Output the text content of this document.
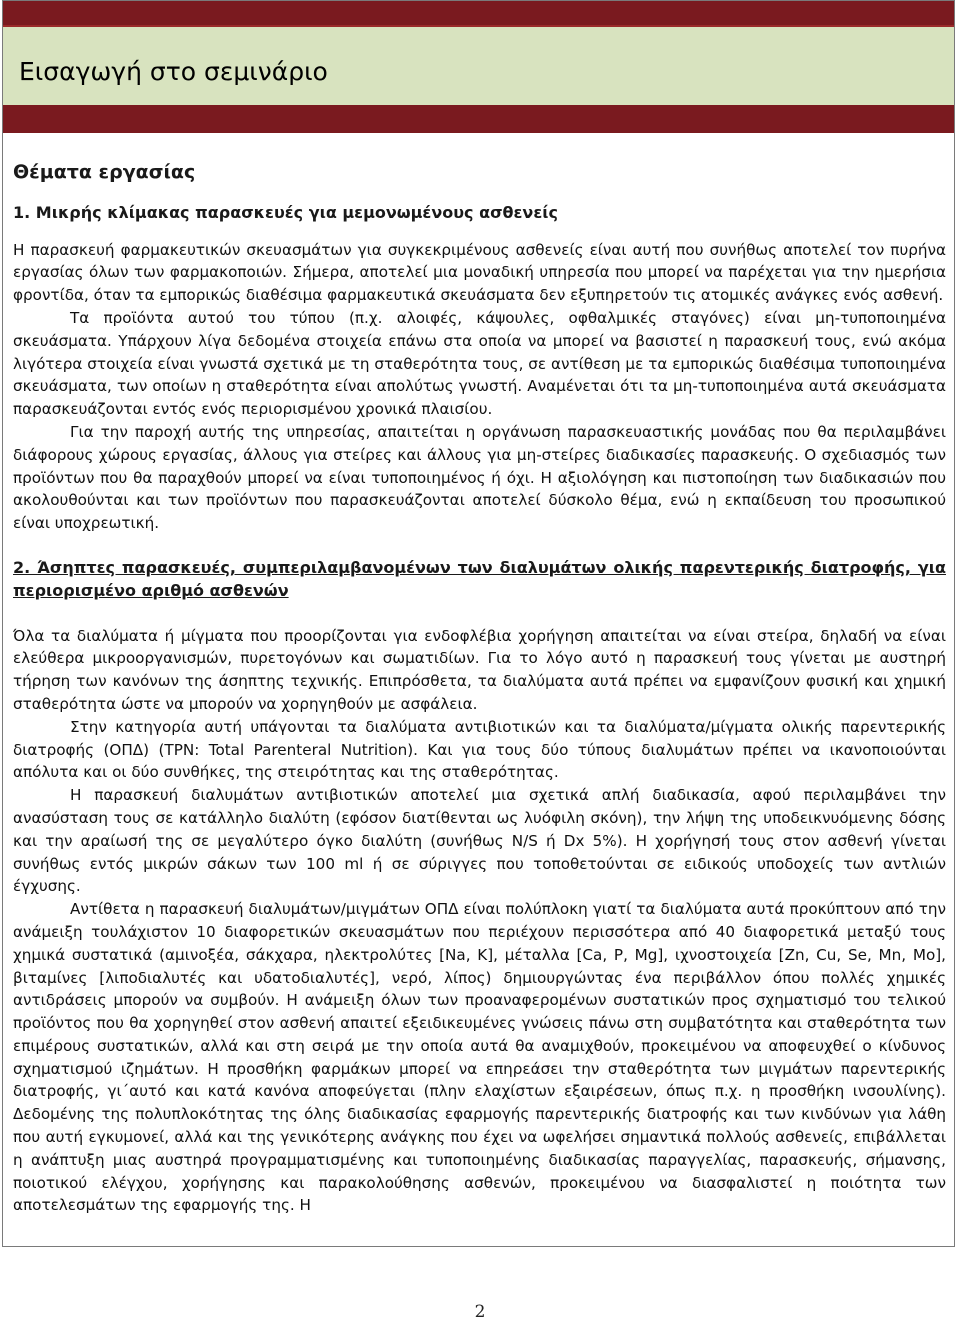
Εισαγωγή στο σεμινάριο
Θέματα εργασίας
1. Μικρής κλίμακας παρασκευές για μεμονωμένους ασθενείς

Η παρασκευή φαρμακευτικών σκευασμάτων για συγκεκριμένους ασθενείς είναι αυτή που συνήθως αποτελεί τον πυρήνα εργασίας όλων των φαρμακοποιών. Σήμερα, αποτελεί μια μοναδική υπηρεσία που μπορεί να παρέχεται για την ημερήσια φροντίδα, όταν τα εμπορικώς διαθέσιμα φαρμακευτικά σκευάσματα δεν εξυπηρετούν τις ατομικές ανάγκες ενός ασθενή.

Τα προϊόντα αυτού του τύπου (π.χ. αλοιφές, κάψουλες, οφθαλμικές σταγόνες) είναι μη-τυποποιημένα σκευάσματα. Υπάρχουν λίγα δεδομένα στοιχεία επάνω στα οποία να μπορεί να βασιστεί η παρασκευή τους, ενώ ακόμα λιγότερα στοιχεία είναι γνωστά σχετικά με τη σταθερότητα τους, σε αντίθεση με τα εμπορικώς διαθέσιμα τυποποιημένα σκευάσματα, των οποίων η σταθερότητα είναι απολύτως γνωστή. Αναμένεται ότι τα μη-τυποποιημένα αυτά σκευάσματα παρασκευάζονται εντός ενός περιορισμένου χρονικά πλαισίου.

Για την παροχή αυτής της υπηρεσίας, απαιτείται η οργάνωση παρασκευαστικής μονάδας που θα περιλαμβάνει διάφορους χώρους εργασίας, άλλους για στείρες και άλλους για μη-στείρες διαδικασίες παρασκευής. Ο σχεδιασμός των προϊόντων που θα παραχθούν μπορεί να είναι τυποποιημένος ή όχι. Η αξιολόγηση και πιστοποίηση των διαδικασιών που ακολουθούνται και των προϊόντων που παρασκευάζονται αποτελεί δύσκολο θέμα, ενώ η εκπαίδευση του προσωπικού είναι υποχρεωτική.

2. Άσηπτες παρασκευές, συμπεριλαμβανομένων των διαλυμάτων ολικής παρεντερικής διατροφής, για περιορισμένο αριθμό ασθενών

Όλα τα διαλύματα ή μίγματα που προορίζονται για ενδοφλέβια χορήγηση απαιτείται να είναι στείρα, δηλαδή να είναι ελεύθερα μικροοργανισμών, πυρετογόνων και σωματιδίων. Για το λόγο αυτό η παρασκευή τους γίνεται με αυστηρή τήρηση των κανόνων της άσηπτης τεχνικής. Επιπρόσθετα, τα διαλύματα αυτά πρέπει να εμφανίζουν φυσική και χημική σταθερότητα ώστε να μπορούν να χορηγηθούν με ασφάλεια.

Στην κατηγορία αυτή υπάγονται τα διαλύματα αντιβιοτικών και τα διαλύματα/μίγματα ολικής παρεντερικής διατροφής (ΟΠΔ) (TPN: Total Parenteral Nutrition). Και για τους δύο τύπους διαλυμάτων πρέπει να ικανοποιούνται απόλυτα και οι δύο συνθήκες, της στειρότητας και της σταθερότητας.

Η παρασκευή διαλυμάτων αντιβιοτικών αποτελεί μια σχετικά απλή διαδικασία, αφού περιλαμβάνει την ανασύσταση τους σε κατάλληλο διαλύτη (εφόσον διατίθενται ως λυόφιλη σκόνη), την λήψη της υποδεικνυόμενης δόσης και την αραίωσή της σε μεγαλύτερο όγκο διαλύτη (συνήθως N/S ή Dx 5%). Η χορήγησή τους στον ασθενή γίνεται συνήθως εντός μικρών σάκων των 100 ml ή σε σύριγγες που τοποθετούνται σε ειδικούς υποδοχείς των αντλιών έγχυσης.

Αντίθετα η παρασκευή διαλυμάτων/μιγμάτων ΟΠΔ είναι πολύπλοκη γιατί τα διαλύματα αυτά προκύπτουν από την ανάμειξη τουλάχιστον 10 διαφορετικών σκευασμάτων που περιέχουν περισσότερα από 40 διαφορετικά μεταξύ τους χημικά συστατικά (αμινοξέα, σάκχαρα, ηλεκτρολύτες [Na, K], μέταλλα [Ca, P, Mg], ιχνοστοιχεία [Zn, Cu, Se, Mn, Mo], βιταμίνες [λιποδιαλυτές και υδατοδιαλυτές], νερό, λίπος) δημιουργώντας ένα περιβάλλον όπου πολλές χημικές αντιδράσεις μπορούν να συμβούν. Η ανάμειξη όλων των προαναφερομένων συστατικών προς σχηματισμό του τελικού προϊόντος που θα χορηγηθεί στον ασθενή απαιτεί εξειδικευμένες γνώσεις πάνω στη συμβατότητα και σταθερότητα των επιμέρους συστατικών, αλλά και στη σειρά με την οποία αυτά θα αναμιχθούν, προκειμένου να αποφευχθεί ο κίνδυνος σχηματισμού ιζημάτων. Η προσθήκη φαρμάκων μπορεί να επηρεάσει την σταθερότητα των μιγμάτων παρεντερικής διατροφής, γι΄αυτό και κατά κανόνα αποφεύγεται (πλην ελαχίστων εξαιρέσεων, όπως π.χ. η προσθήκη ινσουλίνης). Δεδομένης της πολυπλοκότητας της όλης διαδικασίας εφαρμογής παρεντερικής διατροφής και των κινδύνων για λάθη που αυτή εγκυμονεί, αλλά και της γενικότερης ανάγκης που έχει να ωφελήσει σημαντικά πολλούς ασθενείς, επιβάλλεται η ανάπτυξη μιας αυστηρά προγραμματισμένης και τυποποιημένης διαδικασίας παραγγελίας, παρασκευής, σήμανσης, ποιοτικού ελέγχου, χορήγησης και παρακολούθησης ασθενών, προκειμένου να διασφαλιστεί η ποιότητα των αποτελεσμάτων της εφαρμογής της. Η

2
